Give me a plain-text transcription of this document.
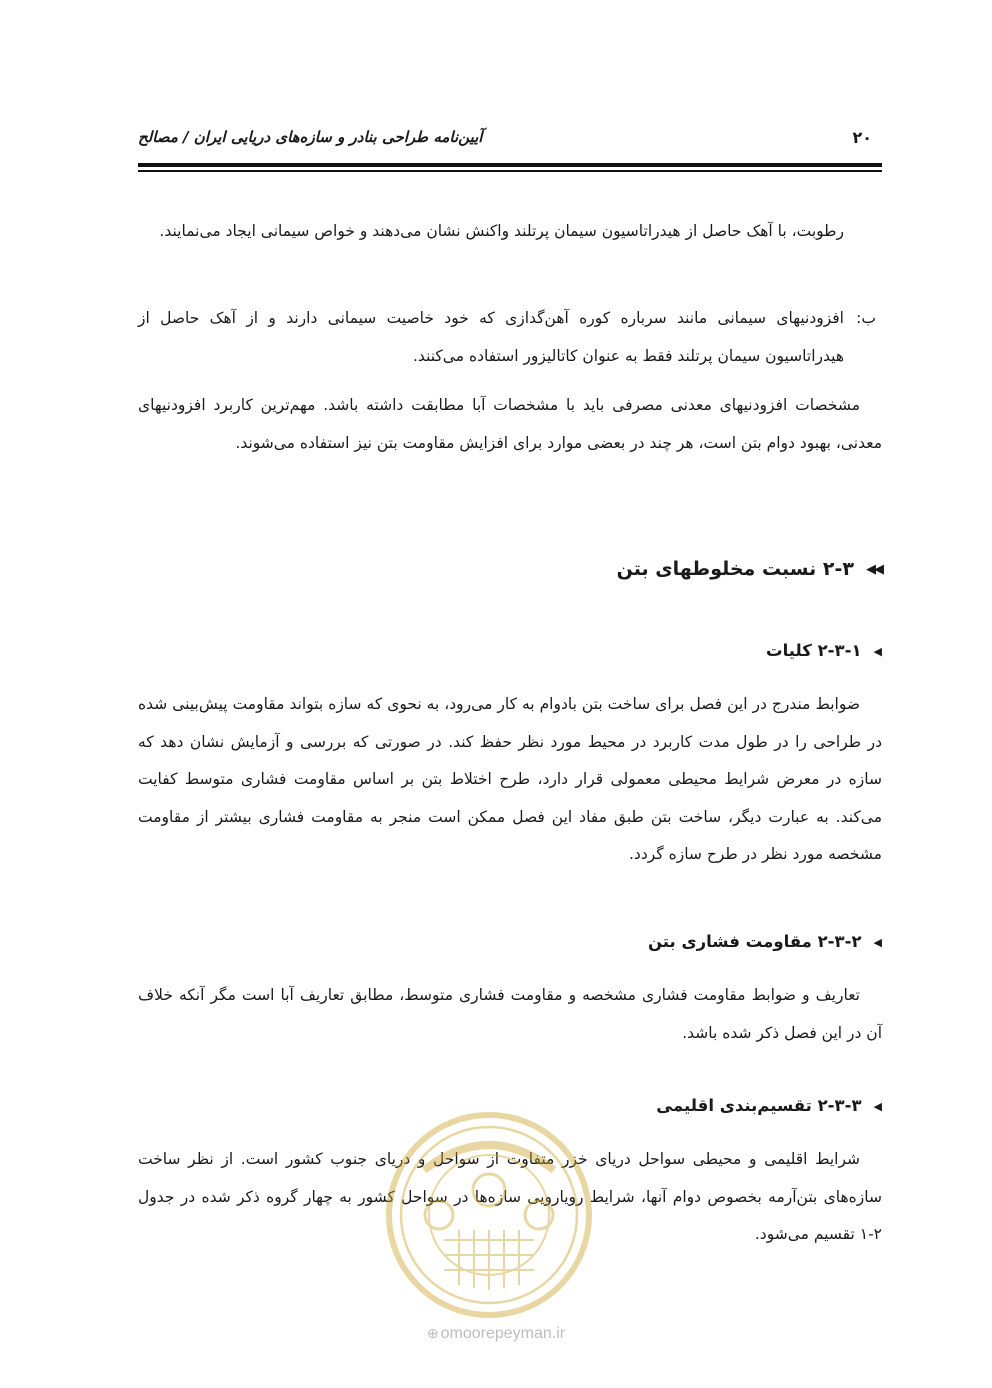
آیین‌نامه طراحی بنادر و سازه‌های دریایی ایران / مصالح	۲۰

رطوبت، با آهک حاصل از هیدراتاسیون سیمان پرتلند واکنش نشان می‌دهند و خواص سیمانی ایجاد می‌نمایند.

ب:

افزودنیهای سیمانی مانند سرباره کوره آهن‌گدازی که خود خاصیت سیمانی دارند و از آهک حاصل از هیدراتاسیون سیمان پرتلند فقط به عنوان کاتالیزور استفاده می‌کنند.

مشخصات افزودنیهای معدنی مصرفی باید با مشخصات آبا مطابقت داشته باشد. مهم‌ترین کاربرد افزودنیهای معدنی، بهبود دوام بتن است، هر چند در بعضی موارد برای افزایش مقاومت بتن نیز استفاده می‌شوند.

◀◀۲-۳ نسبت مخلوطهای بتن
◀۲-۳-۱ کلیات

ضوابط مندرج در این فصل برای ساخت بتن بادوام به کار می‌رود، به نحوی که سازه بتواند مقاومت پیش‌بینی شده در طراحی را در طول مدت کاربرد در محیط مورد نظر حفظ کند. در صورتی که بررسی و آزمایش نشان دهد که سازه در معرض شرایط محیطی معمولی قرار دارد، طرح اختلاط بتن بر اساس مقاومت فشاری متوسط کفایت می‌کند. به عبارت دیگر، ساخت بتن طبق مفاد این فصل ممکن است منجر به مقاومت فشاری بیشتر از مقاومت مشخصه مورد نظر در طرح سازه گردد.

◀۲-۳-۲ مقاومت فشاری بتن

تعاریف و ضوابط مقاومت فشاری مشخصه و مقاومت فشاری متوسط، مطابق تعاریف آبا است مگر آنکه خلاف آن در این فصل ذکر شده باشد.

◀۲-۳-۳ تقسیم‌بندی اقلیمی

شرایط اقلیمی و محیطی سواحل دریای خزر متفاوت از سواحل و دریای جنوب کشور است. از نظر ساخت سازه‌های بتن‌آرمه بخصوص دوام آنها، شرایط رویارویی سازه‌ها در سواحل کشور به چهار گروه ذکر شده در جدول ۲-۱ تقسیم می‌شود.

⊕ omoorepeyman.ir
